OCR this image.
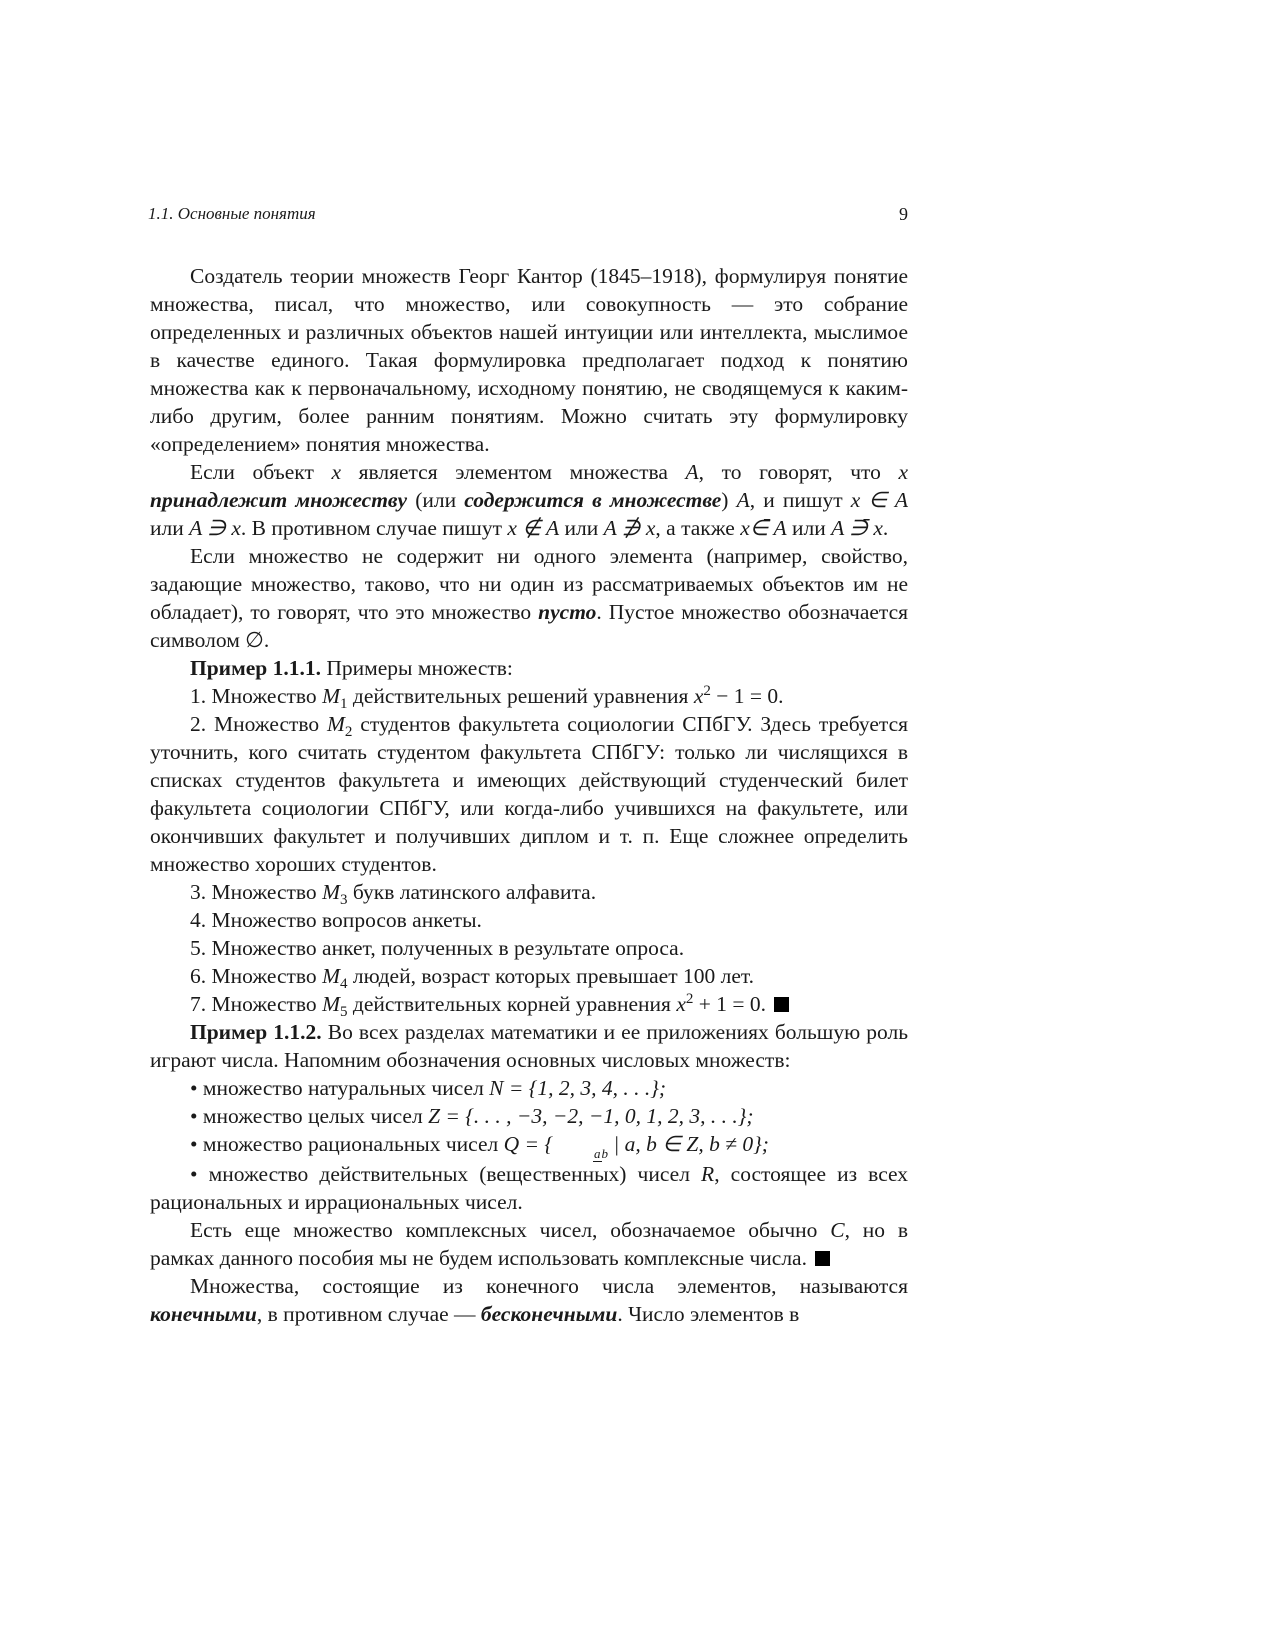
1.1. Основные понятия	9

Создатель теории множеств Георг Кантор (1845–1918), формулируя понятие множества, писал, что множество, или совокупность — это собрание определенных и различных объектов нашей интуиции или интеллекта, мыслимое в качестве единого. Такая формулировка предполагает подход к понятию множества как к первоначальному, исходному понятию, не сводящемуся к каким-либо другим, более ранним понятиям. Можно считать эту формулировку «определением» понятия множества.

Если объект x является элементом множества A, то говорят, что x принадлежит множеству (или содержится в множестве) A, и пишут x ∈ A или A ∋ x. В противном случае пишут x ∉ A или A ∌ x, а также x∈̄ A или A ∋̄ x.

Если множество не содержит ни одного элемента (например, свойство, задающие множество, таково, что ни один из рассматриваемых объектов им не обладает), то говорят, что это множество пусто. Пустое множество обозначается символом ∅.

Пример 1.1.1. Примеры множеств:

1. Множество $M_1$ действительных решений уравнения $x^2 - 1 = 0$.

2. Множество $M_2$ студентов факультета социологии СПбГУ. Здесь требуется уточнить, кого считать студентом факультета СПбГУ: только ли числящихся в списках студентов факультета и имеющих действующий студенческий билет факультета социологии СПбГУ, или когда-либо учившихся на факультете, или окончивших факультет и получивших диплом и т. п. Еще сложнее определить множество хороших студентов.

3. Множество $M_3$ букв латинского алфавита.

4. Множество вопросов анкеты.

5. Множество анкет, полученных в результате опроса.

6. Множество $M_4$ людей, возраст которых превышает 100 лет.

7. Множество $M_5$ действительных корней уравнения $x^2 + 1 = 0$.

Пример 1.1.2. Во всех разделах математики и ее приложениях большую роль играют числа. Напомним обозначения основных числовых множеств:

• множество натуральных чисел N = {1, 2, 3, 4, . . .};

• множество целых чисел Z = {. . . , −3, −2, −1, 0, 1, 2, 3, . . .};

• множество рациональных чисел Q = {	ab | a, b ∈ Z, b ≠ 0};

• множество действительных (вещественных) чисел R, состоящее из всех рациональных и иррациональных чисел.

Есть еще множество комплексных чисел, обозначаемое обычно C, но в рамках данного пособия мы не будем использовать комплексные числа.

Множества, состоящие из конечного числа элементов, называются конечными, в противном случае — бесконечными. Число элементов в
